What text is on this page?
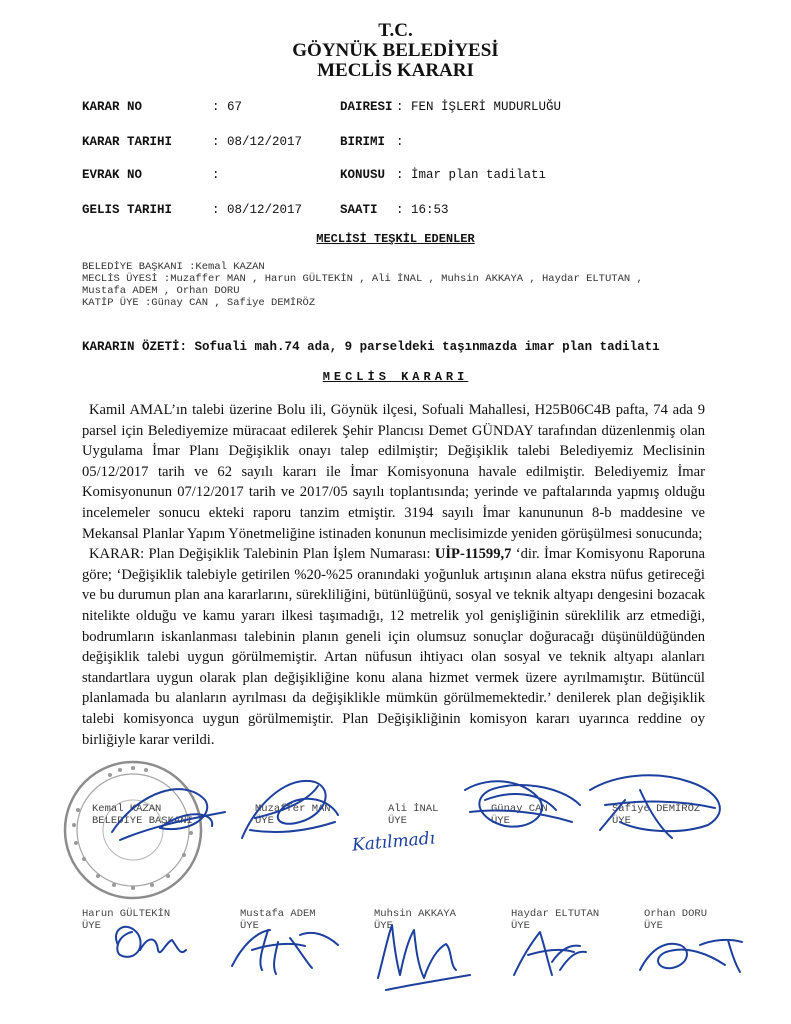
T.C.
GÖYNÜK BELEDİYESİ
MECLİS KARARI
KARAR NO	: 67	DAIRESI : FEN İŞLERİ MUDURLUĞU
KARAR TARIHI	: 08/12/2017	BIRIMI :
EVRAK NO	:	KONUSU : İmar plan tadilatı
GELIS TARIHI	: 08/12/2017	SAATI : 16:53
MECLİSİ TEŞKİL EDENLER
BELEDİYE BAŞKANI :Kemal KAZAN
MECLİS ÜYESİ :Muzaffer MAN , Harun GÜLTEKİN , Ali İNAL , Muhsin AKKAYA , Haydar ELTUTAN ,
Mustafa ADEM , Orhan DORU
KATİP ÜYE :Günay CAN , Safiye DEMİRÖZ
KARARIN ÖZETİ: Sofuali mah.74 ada, 9 parseldeki taşınmazda imar plan tadilatı
MECLİS KARARI

Kamil AMAL’ın talebi üzerine Bolu ili, Göynük ilçesi, Sofuali Mahallesi, H25B06C4B pafta, 74 ada 9 parsel için Belediyemize müracaat edilerek Şehir Plancısı Demet GÜNDAY tarafından düzenlenmiş olan Uygulama İmar Planı Değişiklik onayı talep edilmiştir; Değişiklik talebi Belediyemiz Meclisinin 05/12/2017 tarih ve 62 sayılı kararı ile İmar Komisyonuna havale edilmiştir. Belediyemiz İmar Komisyonunun 07/12/2017 tarih ve 2017/05 sayılı toplantısında; yerinde ve paftalarında yapmış olduğu incelemeler sonucu ekteki raporu tanzim etmiştir. 3194 sayılı İmar kanununun 8-b maddesine ve Mekansal Planlar Yapım Yönetmeliğine istinaden konunun meclisimizde yeniden görüşülmesi sonucunda;

KARAR: Plan Değişiklik Talebinin Plan İşlem Numarası: UİP-11599,7 ‘dir. İmar Komisyonu Raporuna göre; ‘Değişiklik talebiyle getirilen %20-%25 oranındaki yoğunluk artışının alana ekstra nüfus getireceği ve bu durumun plan ana kararlarını, sürekliliğini, bütünlüğünü, sosyal ve teknik altyapı dengesini bozacak nitelikte olduğu ve kamu yararı ilkesi taşımadığı, 12 metrelik yol genişliğinin süreklilik arz etmediği, bodrumların iskanlanması talebinin planın geneli için olumsuz sonuçlar doğuracağı düşünüldüğünden değişiklik talebi uygun görülmemiştir. Artan nüfusun ihtiyacı olan sosyal ve teknik altyapı alanları standartlara uygun olarak plan değişikliğine konu alana hizmet vermek üzere ayrılmamıştır. Bütüncül planlamada bu alanların ayrılması da değişiklikle mümkün görülmemektedir.’ denilerek plan değişiklik talebi komisyonca uygun görülmemiştir. Plan Değişikliğinin komisyon kararı uyarınca reddine oy birliğiyle karar verildi.

Kemal KAZAN
BELEDİYE BAŞKANI
Muzaffer MAN
ÜYE
Ali İNAL
ÜYE
Günay CAN
ÜYE
Safiye DEMİRÖZ
ÜYE
Katılmadı
Harun GÜLTEKİN
ÜYE
Mustafa ADEM
ÜYE
Muhsin AKKAYA
ÜYE
Haydar ELTUTAN
ÜYE
Orhan DORU
ÜYE
